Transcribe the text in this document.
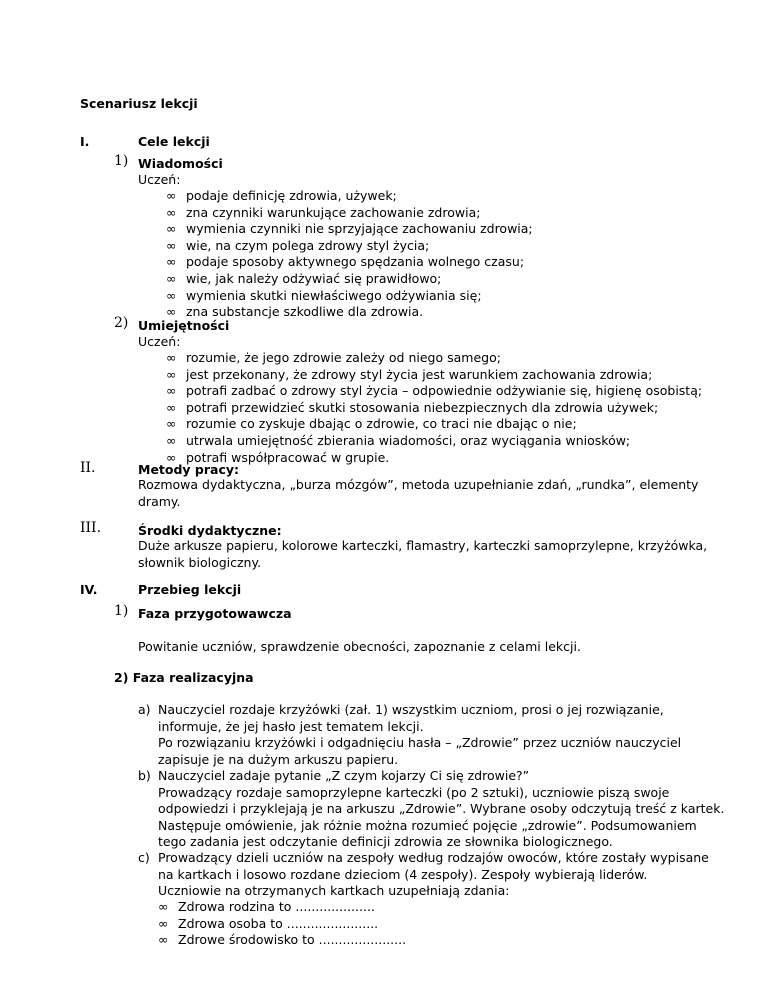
Scenariusz lekcji
I.	Cele lekcji
1) Wiadomości
Uczeń:
∞ podaje definicję zdrowia, używek;
∞ zna czynniki warunkujące zachowanie zdrowia;
∞ wymienia czynniki nie sprzyjające zachowaniu zdrowia;
∞ wie, na czym polega zdrowy styl życia;
∞ podaje sposoby aktywnego spędzania wolnego czasu;
∞ wie, jak należy odżywiać się prawidłowo;
∞ wymienia skutki niewłaściwego odżywiania się;
∞ zna substancje szkodliwe dla zdrowia.
2) Umiejętności
Uczeń:
∞ rozumie, że jego zdrowie zależy od niego samego;
∞ jest przekonany, że zdrowy styl życia jest warunkiem zachowania zdrowia;
∞ potrafi zadbać o zdrowy styl życia – odpowiednie odżywianie się, higienę osobistą;
∞ potrafi przewidzieć skutki stosowania niebezpiecznych dla zdrowia używek;
∞ rozumie co zyskuje dbając o zdrowie, co traci nie dbając o nie;
∞ utrwala umiejętność zbierania wiadomości, oraz wyciągania wniosków;
∞ potrafi współpracować w grupie.
II.	Metody pracy:
Rozmowa dydaktyczna, „burza mózgów”, metoda uzupełnianie zdań, „rundka”, elementy
dramy.
III.	Środki dydaktyczne:
Duże arkusze papieru, kolorowe karteczki, flamastry, karteczki samoprzylepne, krzyżówka,
słownik biologiczny.
IV.	Przebieg lekcji
1) Faza przygotowawcza
Powitanie uczniów, sprawdzenie obecności, zapoznanie z celami lekcji.
2) Faza realizacyjna
a) Nauczyciel rozdaje krzyżówki (zał. 1) wszystkim uczniom, prosi o jej rozwiązanie,
informuje, że jej hasło jest tematem lekcji.
Po rozwiązaniu krzyżówki i odgadnięciu hasła – „Zdrowie” przez uczniów nauczyciel
zapisuje je na dużym arkuszu papieru.
b) Nauczyciel zadaje pytanie „Z czym kojarzy Ci się zdrowie?”
Prowadzący rozdaje samoprzylepne karteczki (po 2 sztuki), uczniowie piszą swoje
odpowiedzi i przyklejają je na arkuszu „Zdrowie”. Wybrane osoby odczytują treść z kartek.
Następuje omówienie, jak różnie można rozumieć pojęcie „zdrowie”. Podsumowaniem
tego zadania jest odczytanie definicji zdrowia ze słownika biologicznego.
c) Prowadzący dzieli uczniów na zespoły według rodzajów owoców, które zostały wypisane
na kartkach i losowo rozdane dzieciom (4 zespoły). Zespoły wybierają liderów.
Uczniowie na otrzymanych kartkach uzupełniają zdania:
∞ Zdrowa rodzina to ....................
∞ Zdrowa osoba to .......................
∞ Zdrowe środowisko to ......................
